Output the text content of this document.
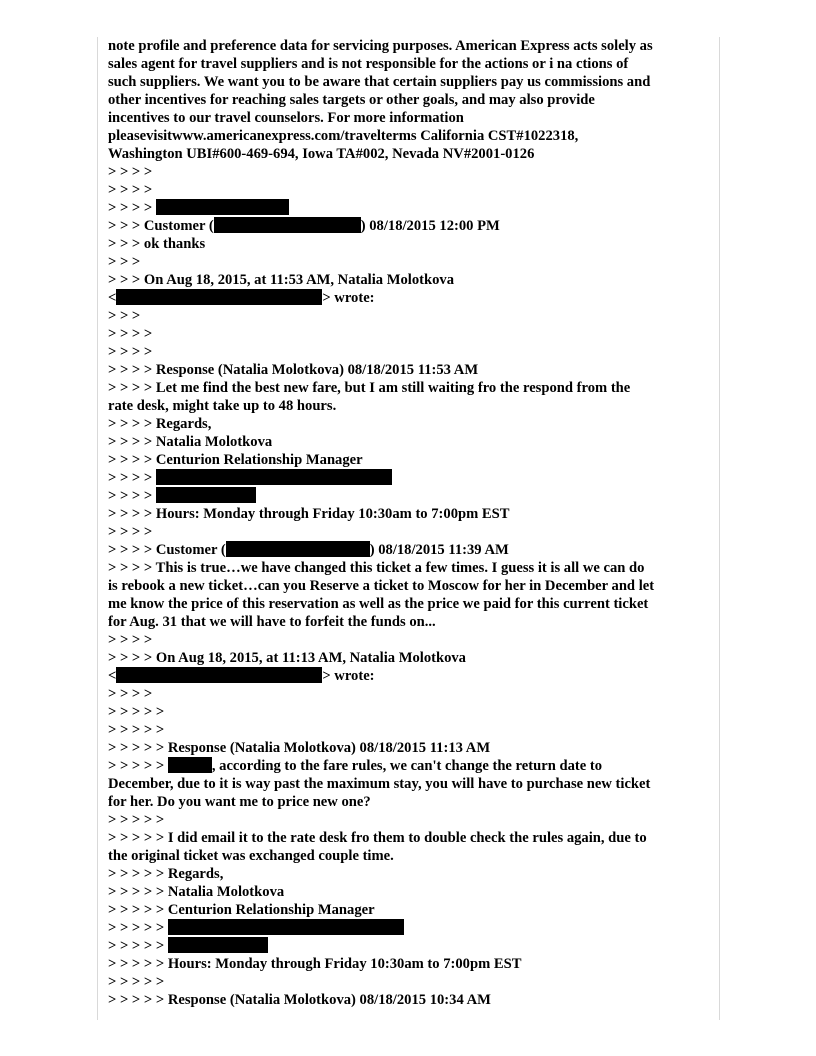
note profile and preference data for servicing purposes. American Express acts solely as
sales agent for travel suppliers and is not responsible for the actions or i na ctions of
such suppliers. We want you to be aware that certain suppliers pay us commissions and
other incentives for reaching sales targets or other goals, and may also provide
incentives to our travel counselors. For more information
pleasevisitwww.americanexpress.com/travelterms California CST#1022318,
Washington UBI#600-469-694, Iowa TA#002, Nevada NV#2001-0126
> > > >
> > > >
> > > >
> > > Customer (	) 08/18/2015 12:00 PM
> > > ok thanks
> > >
> > > On Aug 18, 2015, at 11:53 AM, Natalia Molotkova
<	> wrote:
> > >
> > > >
> > > >
> > > > Response (Natalia Molotkova) 08/18/2015 11:53 AM
> > > > Let me find the best new fare, but I am still waiting fro the respond from the
rate desk, might take up to 48 hours.
> > > > Regards,
> > > > Natalia Molotkova
> > > > Centurion Relationship Manager
> > > >
> > > >
> > > > Hours: Monday through Friday 10:30am to 7:00pm EST
> > > >
> > > > Customer (	) 08/18/2015 11:39 AM
> > > > This is true…we have changed this ticket a few times. I guess it is all we can do
is rebook a new ticket…can you Reserve a ticket to Moscow for her in December and let
me know the price of this reservation as well as the price we paid for this current ticket
for Aug. 31 that we will have to forfeit the funds on...
> > > >
> > > > On Aug 18, 2015, at 11:13 AM, Natalia Molotkova
<	> wrote:
> > > >
> > > > >
> > > > >
> > > > > Response (Natalia Molotkova) 08/18/2015 11:13 AM
> > > > >	, according to the fare rules, we can't change the return date to
December, due to it is way past the maximum stay, you will have to purchase new ticket
for her. Do you want me to price new one?
> > > > >
> > > > > I did email it to the rate desk fro them to double check the rules again, due to
the original ticket was exchanged couple time.
> > > > > Regards,
> > > > > Natalia Molotkova
> > > > > Centurion Relationship Manager
> > > > >
> > > > >
> > > > > Hours: Monday through Friday 10:30am to 7:00pm EST
> > > > >
> > > > > Response (Natalia Molotkova) 08/18/2015 10:34 AM
